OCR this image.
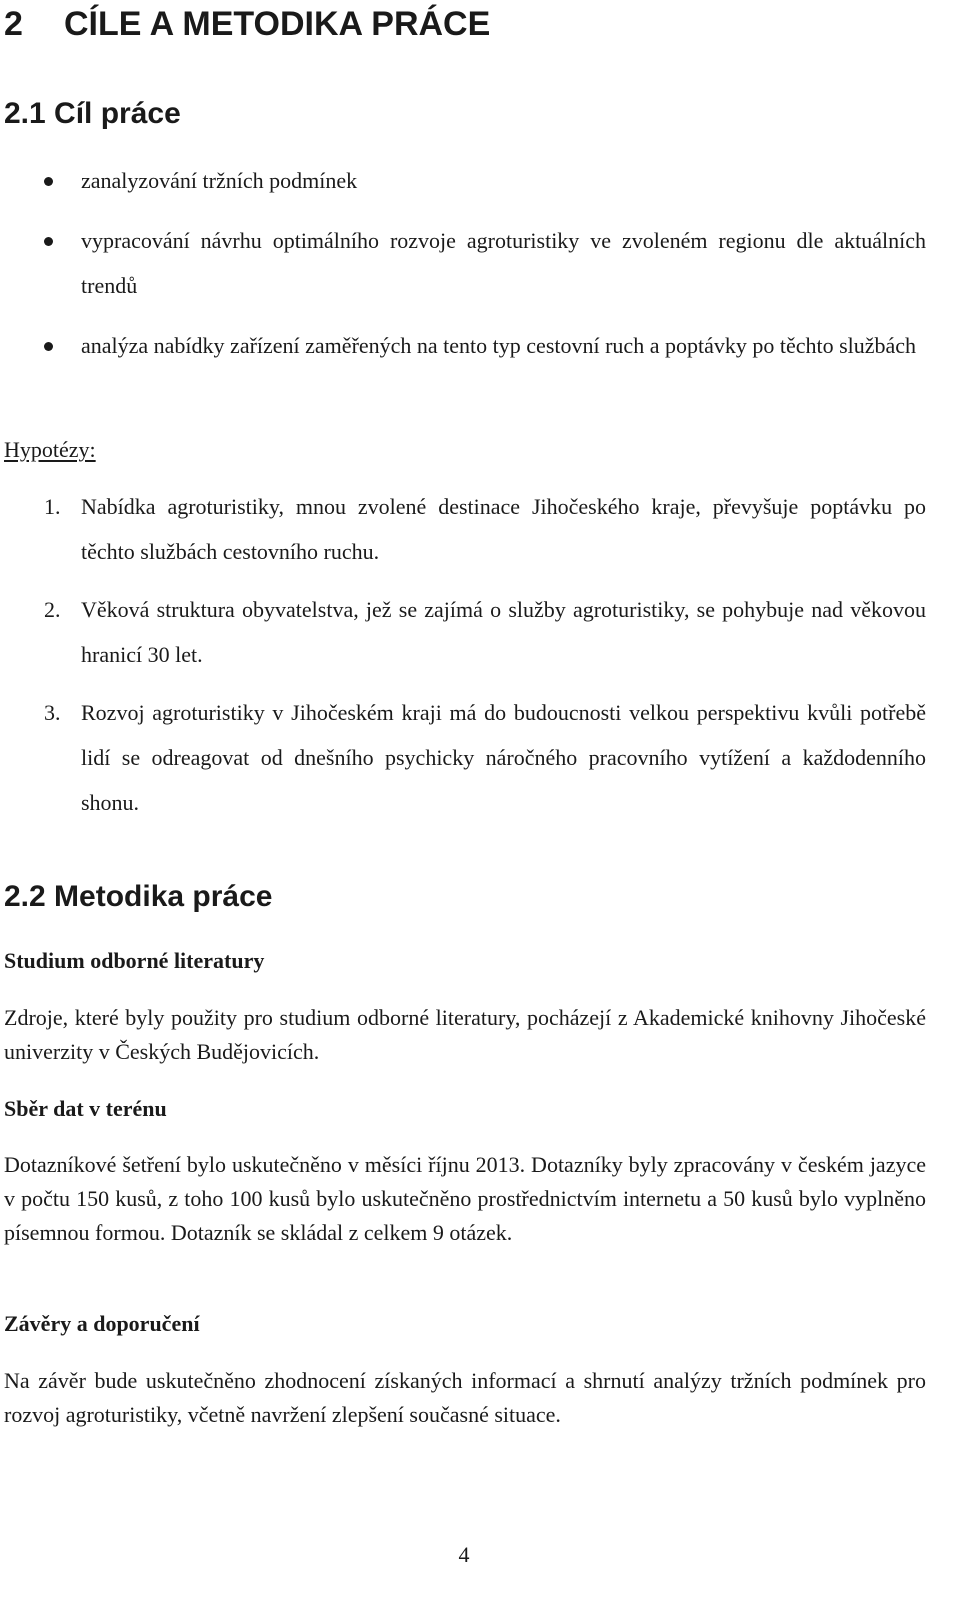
2 CÍLE A METODIKA PRÁCE
2.1 Cíl práce
zanalyzování tržních podmínek
vypracování návrhu optimálního rozvoje agroturistiky ve zvoleném regionu dle aktuálních trendů
analýza nabídky zařízení zaměřených na tento typ cestovní ruch a poptávky po těchto službách
Hypotézy:
1. Nabídka agroturistiky, mnou zvolené destinace Jihočeského kraje, převyšuje poptávku po těchto službách cestovního ruchu.
2. Věková struktura obyvatelstva, jež se zajímá o služby agroturistiky, se pohybuje nad věkovou hranicí 30 let.
3. Rozvoj agroturistiky v Jihočeském kraji má do budoucnosti velkou perspektivu kvůli potřebě lidí se odreagovat od dnešního psychicky náročného pracovního vytížení a každodenního shonu.
2.2 Metodika práce
Studium odborné literatury
Zdroje, které byly použity pro studium odborné literatury, pocházejí z Akademické knihovny Jihočeské univerzity v Českých Budějovicích.
Sběr dat v terénu
Dotazníkové šetření bylo uskutečněno v měsíci říjnu 2013. Dotazníky byly zpracovány v českém jazyce v počtu 150 kusů, z toho 100 kusů bylo uskutečněno prostřednictvím internetu a 50 kusů bylo vyplněno písemnou formou. Dotazník se skládal z celkem 9 otázek.
Závěry a doporučení
Na závěr bude uskutečněno zhodnocení získaných informací a shrnutí analýzy tržních podmínek pro rozvoj agroturistiky, včetně navržení zlepšení současné situace.
4
